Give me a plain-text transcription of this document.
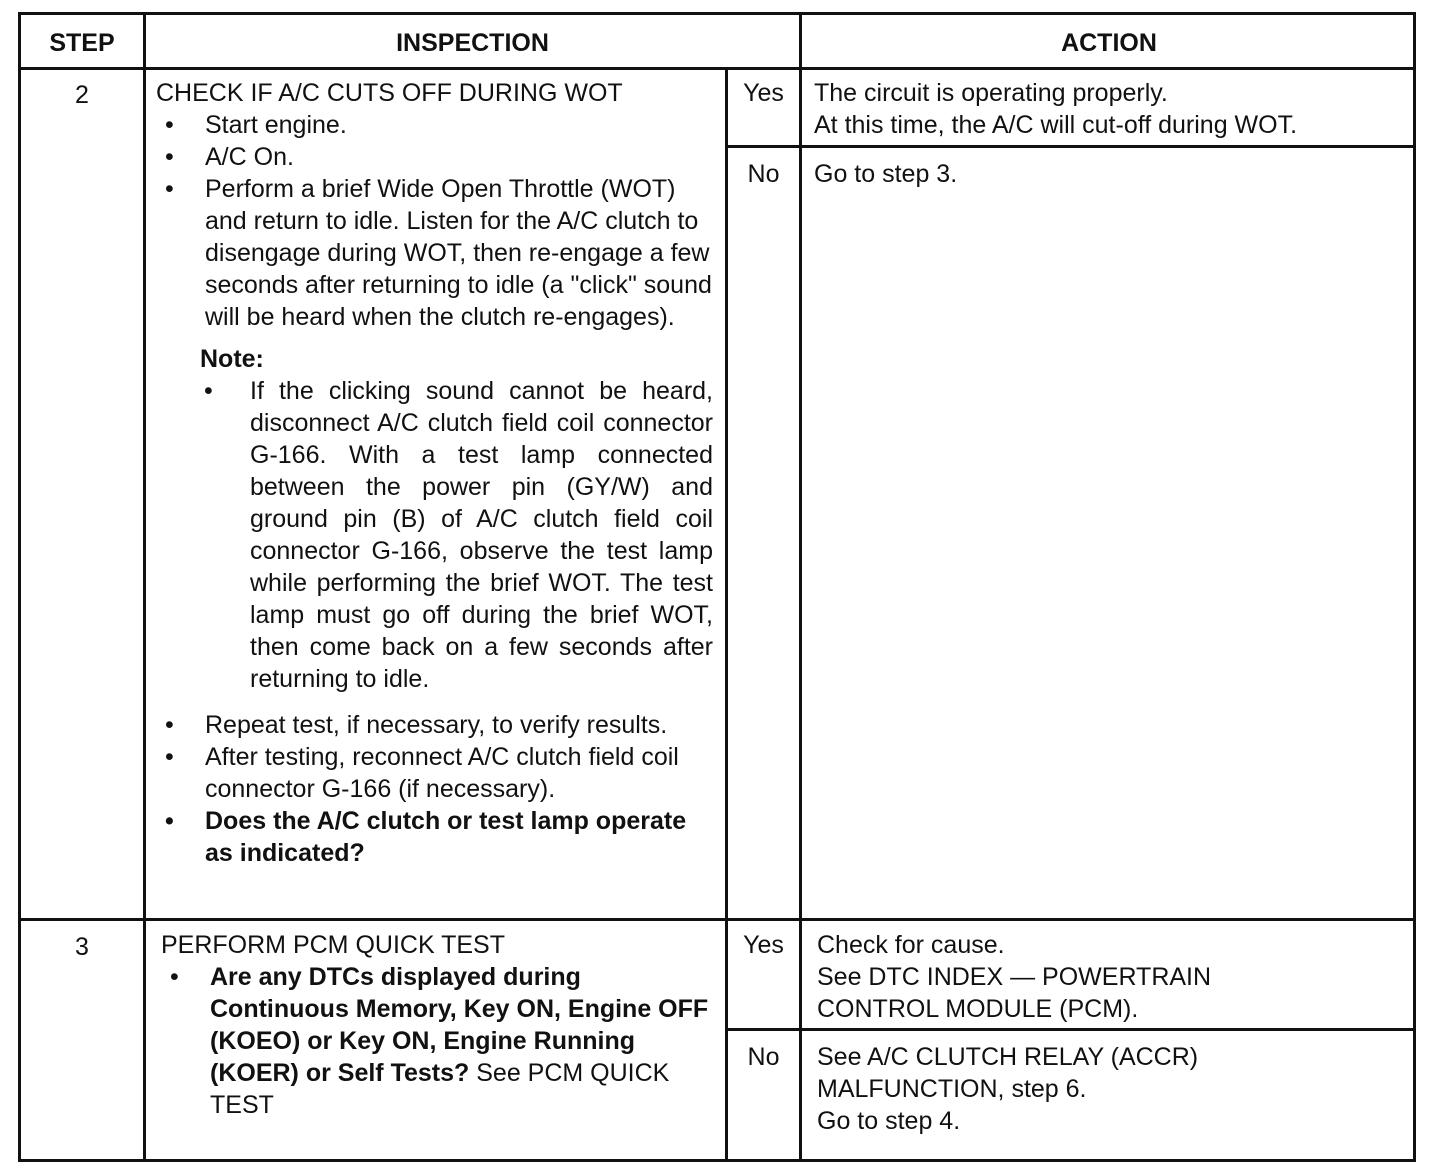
STEP	INSPECTION	ACTION
2	CHECK IF A/C CUTS OFF DURING WOT
• Start engine.
• A/C On.
• Perform a brief Wide Open Throttle (WOT) and return to idle. Listen for the A/C clutch to disengage during WOT, then re-engage a few seconds after returning to idle (a "click" sound will be heard when the clutch re-engages).
Note:
• If the clicking sound cannot be heard, disconnect A/C clutch field coil connector G-166. With a test lamp connected between the power pin (GY/W) and ground pin (B) of A/C clutch field coil connector G-166, observe the test lamp while performing the brief WOT. The test lamp must go off during the brief WOT, then come back on a few seconds after returning to idle.
• Repeat test, if necessary, to verify results.
• After testing, reconnect A/C clutch field coil connector G-166 (if necessary).
• Does the A/C clutch or test lamp operate as indicated?
Yes	The circuit is operating properly.
At this time, the A/C will cut-off during WOT.
No	Go to step 3.
3	PERFORM PCM QUICK TEST
• Are any DTCs displayed during Continuous Memory, Key ON, Engine OFF (KOEO) or Key ON, Engine Running (KOER) or Self Tests? See PCM QUICK TEST
Yes	Check for cause.
See DTC INDEX — POWERTRAIN CONTROL MODULE (PCM).
No	See A/C CLUTCH RELAY (ACCR) MALFUNCTION, step 6.
Go to step 4.
